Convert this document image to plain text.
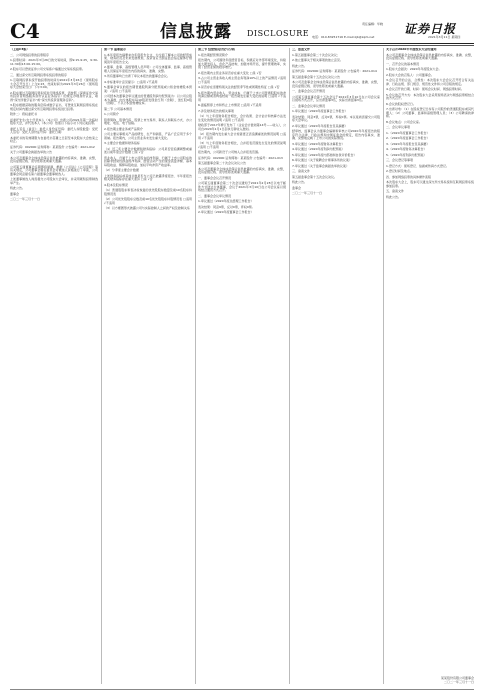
C4	信息披露 DISCLOSURE
责任编辑：毕晓 证券日报
电话：010-83251716 E-mail:zjb@zqrb.net	2021年3月11日 星期四

（上接C3版）

二、公司网络投票的投票程序

1.投票时间：2021年3月26日的交易时间，即9:15-9:25，9:30-11:30和13:00-15:00。

2.股东可以登录证券公司交易客户端通过交易系统投票。

三、通过深交所互联网投票系统投票的程序

1.互联网投票系统开始投票的时间为2021年3月26日（现场股东大会召开当日）上午9:15，结束时间为2021年3月26日（现场股东大会结束当日）下午3:00。

2.股东通过互联网投票系统进行网络投票，需按照《深圳证券交易所投资者网络服务身份认证业务指引》的规定办理身份认证，取得“深交所数字证书”或“深交所投资者服务密码”。

3.股东根据获取的服务密码或数字证书，可登录互联网投票系统在规定时间内通过深交所互联网投票系统进行投票。

附件二：授权委托书

兹委托先生/女士代表本人（本公司）出席公司2021年第一次临时股东大会，并代表本人（本公司）依照以下指示对下列议案投票。

委托人签名（盖章）：委托人身份证号码：委托人持股数量：受托人签名：受托人身份证号码：委托日期：

本委托书的有效期限为自委托书签署之日起至本次股东大会结束之时止。

证券代码：002000 证券简称：某某股份 公告编号：2021-012

关于公司董事会换届选举的公告

本公司及董事会全体成员保证信息披露的内容真实、准确、完整，没有虚假记载、误导性陈述或重大遗漏。

公司第五届董事会任期即将届满，根据《公司法》《公司章程》等有关规定，公司董事会提名委员会对候选人资格进行了审查，公司董事会同意提名第六届董事会董事候选人。

上述董事候选人尚需提交公司股东大会审议，并采用累积投票制选举产生。

特此公告。

董事会

二〇二一年三月十一日

第一节 重要提示

1.本年度报告摘要来自年度报告全文，为全面了解本公司的经营成果、财务状况及未来发展规划，投资者应当到证监会指定媒体仔细阅读年度报告全文。

2.董事、监事、高级管理人员声明：公司全体董事、监事、高级管理人员保证年度报告内容的真实、准确、完整。

3.所有董事均已出席了审议本报告的董事会会议。

4.非标准审计意见提示：□适用 √不适用

5.董事会审议的报告期普通股利润分配预案或公积金转增股本预案：√适用 □不适用

公司经本次董事会审议通过的普通股利润分配预案为：以公司总股本为基数，向全体股东每10股派发现金红利（含税），送红股0股（含税），不以公积金转增股本。

第二节 公司基本情况

1.公司简介

股票简称、股票代码、股票上市交易所、联系人和联系方式、办公地址、电话、电子信箱。

2.报告期主要业务或产品简介

公司主要从事相关产品的研发、生产和销售，产品广泛应用于多个领域。报告期内，公司主营业务未发生重大变化。

3.主要会计数据和财务指标

（1）近三年主要会计数据和财务指标：公司是否需追溯调整或重述以前年度会计数据 □是 √否

营业收入、归属于上市公司股东的净利润、归属于上市公司股东的扣除非经常性损益的净利润、经营活动产生的现金流量净额、基本每股收益、稀释每股收益、加权平均净资产收益率。

（2）分季度主要会计数据

上述财务指标或其加总数是否与公司已披露季度报告、半年度报告相关财务指标存在重大差异 □是 √否

4.股本及股东情况

（1）普通股股东和表决权恢复的优先股股东数量及前10名股东持股情况表

（2）公司优先股股东总数及前10名优先股股东持股情况表 □适用 √不适用

（3）以方框图形式披露公司与实际控制人之间的产权及控制关系

第三节 经营情况讨论与分析

1.报告期经营情况简介

报告期内，公司围绕年度经营目标，积极应对外部环境变化，持续加大研发投入，优化产品结构，加强市场开拓，提升管理效率，实现了经营业绩的稳步增长。

2.报告期内主营业务是否存在重大变化 □是 √否

3.占公司主营业务收入或主营业务利润10%以上的产品情况 √适用 □不适用

4.是否存在需要特别关注的经营季节性或周期性特征 □是 √否

5.报告期内营业收入、营业成本、归属于上市公司普通股股东的净利润总额或者构成较前一报告期发生重大变化的说明 □适用 √不适用

6.面临暂停上市和终止上市情况 □适用 √不适用

7.涉及财务报告的相关事项

（1）与上年度财务报告相比，会计政策、会计估计和核算方法发生变化的情况说明 √适用 □不适用

财政部于2017年修订发布了《企业会计准则第14号——收入》，公司自2020年1月1日起执行新收入准则。

（2）报告期内发生重大会计差错更正需追溯重述的情况说明 □适用 √不适用

（3）与上年度财务报告相比，合并报表范围发生变化的情况说明 √适用 □不适用

报告期内，公司新设子公司纳入合并报表范围。

证券代码：002000 证券简称：某某股份 公告编号：2021-013

第五届董事会第二十次会议决议公告

本公司及董事会全体成员保证信息披露的内容真实、准确、完整，没有虚假记载、误导性陈述或重大遗漏。

一、董事会会议召开情况

公司第五届董事会第二十次会议通知于2021年2月28日以电子邮件方式送达全体董事，会议于2021年3月10日在公司会议室以现场结合通讯方式召开。

二、董事会会议审议情况

1.审议通过《2020年度总经理工作报告》

表决结果：同意9票，反对0票，弃权0票。

2.审议通过《2020年度董事会工作报告》

三、备查文件

1.第五届董事会第二十次会议决议；

2.独立董事关于相关事项的独立意见。

特此公告。

证券代码：002000 证券简称：某某股份 公告编号：2021-014

第五届监事会第十五次会议决议公告

本公司及监事会全体成员保证信息披露的内容真实、准确、完整，没有虚假记载、误导性陈述或重大遗漏。

一、监事会会议召开情况

公司第五届监事会第十五次会议于2021年3月10日在公司会议室以现场方式召开，应出席监事3名，实际出席监事3名。

二、监事会会议审议情况

1.审议通过《2020年度监事会工作报告》

表决结果：同意3票，反对0票，弃权0票。本议案尚需提交公司股东大会审议。

2.审议通过《2020年年度报告及其摘要》

经审核，监事会认为董事会编制和审核公司2020年年度报告的程序符合法律、行政法规和中国证监会的规定，报告内容真实、准确、完整地反映了上市公司的实际情况。

3.审议通过《2020年度财务决算报告》

4.审议通过《2020年度利润分配预案》

5.审议通过《2020年度内部控制自我评价报告》

6.审议通过《关于续聘会计师事务所的议案》

7.审议通过《关于监事会换届选举的议案》

三、备查文件

第五届监事会第十五次会议决议。

特此公告。

监事会

二〇二一年三月十一日

关于召开2020年年度股东大会的通知

本公司及董事会全体成员保证信息披露的内容真实、准确、完整，没有虚假记载、误导性陈述或重大遗漏。

一、召开会议的基本情况

1.股东大会届次：2020年年度股东大会。

2.股东大会的召集人：公司董事会。

3.会议召开的合法、合规性：本次股东大会会议召开符合有关法律、行政法规、部门规章、规范性文件和公司章程的规定。

4.会议召开的日期、时间：现场会议时间、网络投票时间。

5.会议的召开方式：本次股东大会采用现场表决与网络投票相结合的方式召开。

6.会议的股权登记日。

7.出席对象：（1）在股权登记日持有公司股份的普通股股东或其代理人；（2）公司董事、监事和高级管理人员；（3）公司聘请的律师。

8.会议地点：公司会议室。

二、会议审议事项

1.《2020年度董事会工作报告》

2.《2020年度监事会工作报告》

3.《2020年年度报告及其摘要》

4.《2020年度财务决算报告》

5.《2020年度利润分配预案》

三、会议登记等事项

1.登记方式：现场登记、信函或传真方式登记。

2.登记时间及地点。

四、参加网络投票的具体操作流程

本次股东大会上，股东可以通过深交所交易系统和互联网投票系统参加投票。

五、备查文件

特此公告。

某某股份有限公司董事会
二〇二一年三月十一日
